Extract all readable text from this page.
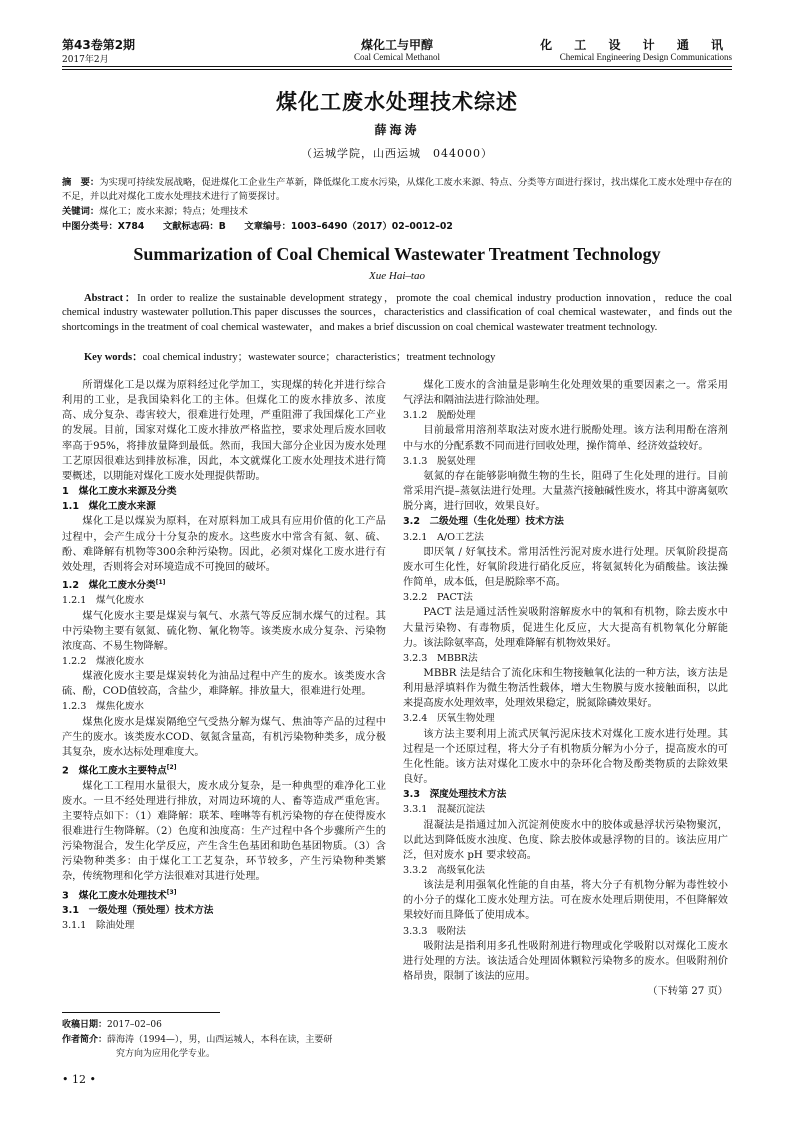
第43卷第2期
2017年2月
煤化工与甲醇
Coal Cemical Methanol
化 工 设 计 通 讯
Chemical Engineering Design Communications
煤化工废水处理技术综述
薛海涛
（运城学院，山西运城　044000）
摘　要：为实现可持续发展战略，促进煤化工企业生产革新，降低煤化工废水污染，从煤化工废水来源、特点、分类等方面进行探讨，找出煤化工废水处理中存在的不足，并以此对煤化工废水处理技术进行了简要探讨。
关键词：煤化工；废水来源；特点；处理技术
中图分类号：X784　　文献标志码：B　　文章编号：1003–6490（2017）02–0012–02
Summarization of Coal Chemical Wastewater Treatment Technology
Xue Hai–tao
Abstract：In order to realize the sustainable development strategy，promote the coal chemical industry production innovation，reduce the coal chemical industry wastewater pollution.This paper discusses the sources，characteristics and classification of coal chemical wastewater，and finds out the shortcomings in the treatment of coal chemical wastewater，and makes a brief discussion on coal chemical wastewater treatment technology.
Key words：coal chemical industry；wastewater source；characteristics；treatment technology

所谓煤化工是以煤为原料经过化学加工，实现煤的转化并进行综合利用的工业，是我国染料化工的主体。但煤化工的废水排放多、浓度高、成分复杂、毒害较大，很难进行处理，严重阻滞了我国煤化工产业的发展。目前，国家对煤化工废水排放严格监控，要求处理后废水回收率高于95%，将排放量降到最低。然而，我国大部分企业因为废水处理工艺原因很难达到排放标准，因此，本文就煤化工废水处理技术进行简要概述，以期能对煤化工废水处理提供帮助。

1　煤化工废水来源及分类
1.1　煤化工废水来源

煤化工是以煤炭为原料，在对原料加工成具有应用价值的化工产品过程中，会产生成分十分复杂的废水。这些废水中常含有氮、氨、硫、酚、难降解有机物等300余种污染物。因此，必须对煤化工废水进行有效处理，否则将会对环境造成不可挽回的破坏。

1.2　煤化工废水分类[1]
1.2.1　煤气化废水

煤气化废水主要是煤炭与氧气、水蒸气等反应制水煤气的过程。其中污染物主要有氨氮、硫化物、氰化物等。该类废水成分复杂、污染物浓度高、不易生物降解。

1.2.2　煤液化废水

煤液化废水主要是煤炭转化为油品过程中产生的废水。该类废水含硫、酚，COD值较高，含盐少，难降解。排放量大，很难进行处理。

1.2.3　煤焦化废水

煤焦化废水是煤炭隔绝空气受热分解为煤气、焦油等产品的过程中产生的废水。该类废水COD、氨氮含量高，有机污染物种类多，成分极其复杂，废水达标处理难度大。

2　煤化工废水主要特点[2]

煤化工工程用水量很大，废水成分复杂，是一种典型的难净化工业废水。一旦不经处理进行排放，对周边环境的人、畜等造成严重危害。主要特点如下：（1）难降解：联苯、喹啉等有机污染物的存在使得废水很难进行生物降解。（2）色度和浊度高：生产过程中各个步骤所产生的污染物混合，发生化学反应，产生含生色基团和助色基团物质。（3）含污染物种类多：由于煤化工工艺复杂，环节较多，产生污染物种类繁杂，传统物理和化学方法很难对其进行处理。

3　煤化工废水处理技术[3]
3.1　一级处理（预处理）技术方法
3.1.1　除油处理

煤化工废水的含油量是影响生化处理效果的重要因素之一。常采用气浮法和隔油法进行除油处理。

3.1.2　脱酚处理

目前最常用溶剂萃取法对废水进行脱酚处理。该方法利用酚在溶剂中与水的分配系数不同而进行回收处理，操作简单、经济效益较好。

3.1.3　脱氨处理

氨氮的存在能够影响微生物的生长，阻碍了生化处理的进行。目前常采用汽提–蒸氨法进行处理。大量蒸汽接触碱性废水，将其中游离氨吹脱分离，进行回收，效果良好。

3.2　二级处理（生化处理）技术方法
3.2.1　A/O工艺法

即厌氧 / 好氧技术。常用活性污泥对废水进行处理。厌氧阶段提高废水可生化性，好氧阶段进行硝化反应，将氨氮转化为硝酸盐。该法操作简单，成本低，但是脱除率不高。

3.2.2　PACT法

PACT 法是通过活性炭吸附溶解废水中的氧和有机物，除去废水中大量污染物、有毒物质，促进生化反应，大大提高有机物氧化分解能力。该法除氨率高，处理难降解有机物效果好。

3.2.3　MBBR法

MBBR 法是结合了流化床和生物接触氧化法的一种方法，该方法是利用悬浮填料作为微生物活性载体，增大生物膜与废水接触面积，以此来提高废水处理效率，处理效果稳定，脱氮除磷效果好。

3.2.4　厌氧生物处理

该方法主要利用上流式厌氧污泥床技术对煤化工废水进行处理。其过程是一个还原过程，将大分子有机物质分解为小分子，提高废水的可生化性能。该方法对煤化工废水中的杂环化合物及酚类物质的去除效果良好。

3.3　深度处理技术方法
3.3.1　混凝沉淀法

混凝法是指通过加入沉淀剂使废水中的胶体或悬浮状污染物聚沉，以此达到降低废水浊度、色度、除去胶体或悬浮物的目的。该法应用广泛，但对废水 pH 要求较高。

3.3.2　高级氧化法

该法是利用强氧化性能的自由基，将大分子有机物分解为毒性较小的小分子的煤化工废水处理方法。可在废水处理后期使用，不但降解效果较好而且降低了使用成本。

3.3.3　吸附法

吸附法是指利用多孔性吸附剂进行物理或化学吸附以对煤化工废水进行处理的方法。该法适合处理固体颗粒污染物多的废水。但吸附剂价格昂贵，限制了该法的应用。

（下转第 27 页）
收稿日期：2017–02–06
作者简介：薛海涛（1994—），男，山西运城人，本科在读，主要研
究方向为应用化学专业。
• 12 •
